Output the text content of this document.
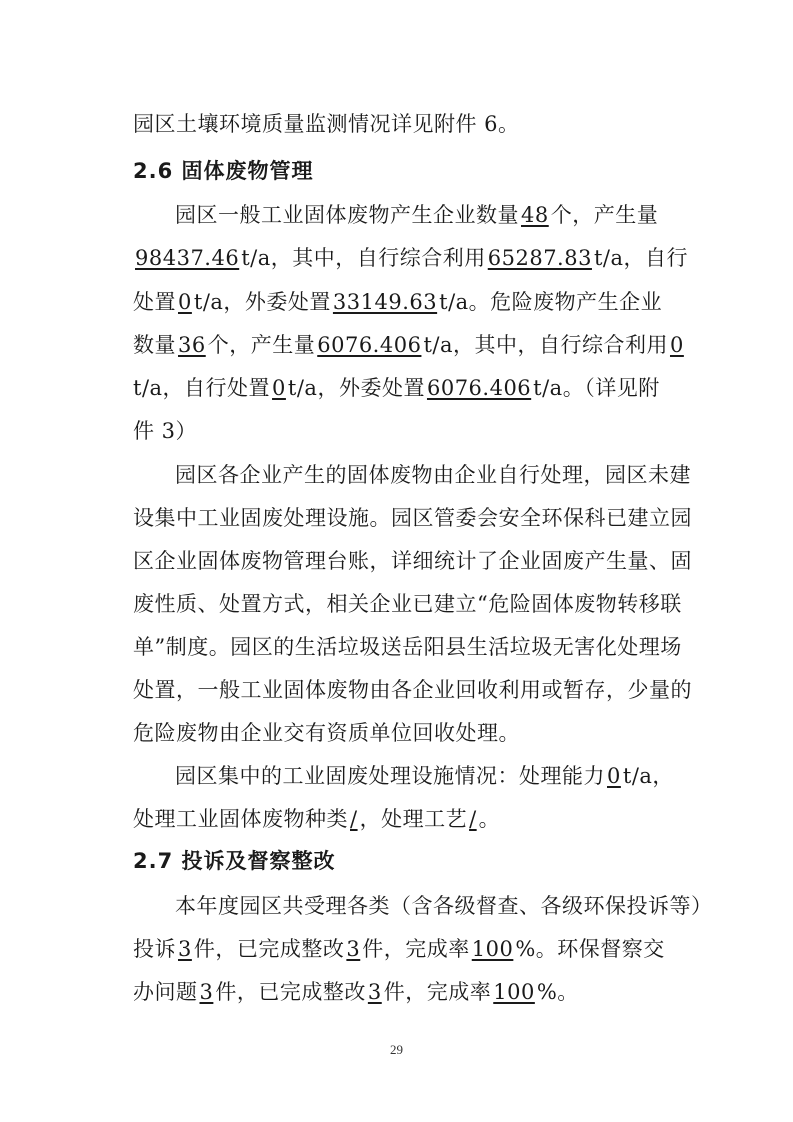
园区土壤环境质量监测情况详见附件 6。

2.6 固体废物管理

园区一般工业固体废物产生企业数量48个，产生量

98437.46t/a，其中，自行综合利用65287.83t/a，自行

处置0t/a，外委处置33149.63t/a。危险废物产生企业

数量36个，产生量6076.406t/a，其中，自行综合利用0

t/a，自行处置0t/a，外委处置6076.406t/a。（详见附

件 3）

园区各企业产生的固体废物由企业自行处理，园区未建

设集中工业固废处理设施。园区管委会安全环保科已建立园

区企业固体废物管理台账，详细统计了企业固废产生量、固

废性质、处置方式，相关企业已建立“危险固体废物转移联

单”制度。园区的生活垃圾送岳阳县生活垃圾无害化处理场

处置，一般工业固体废物由各企业回收利用或暂存，少量的

危险废物由企业交有资质单位回收处理。

园区集中的工业固废处理设施情况：处理能力0t/a，

处理工业固体废物种类/，处理工艺/。

2.7 投诉及督察整改

本年度园区共受理各类（含各级督查、各级环保投诉等）

投诉3件，已完成整改3件，完成率100%。环保督察交

办问题3件，已完成整改3件，完成率100%。

29
